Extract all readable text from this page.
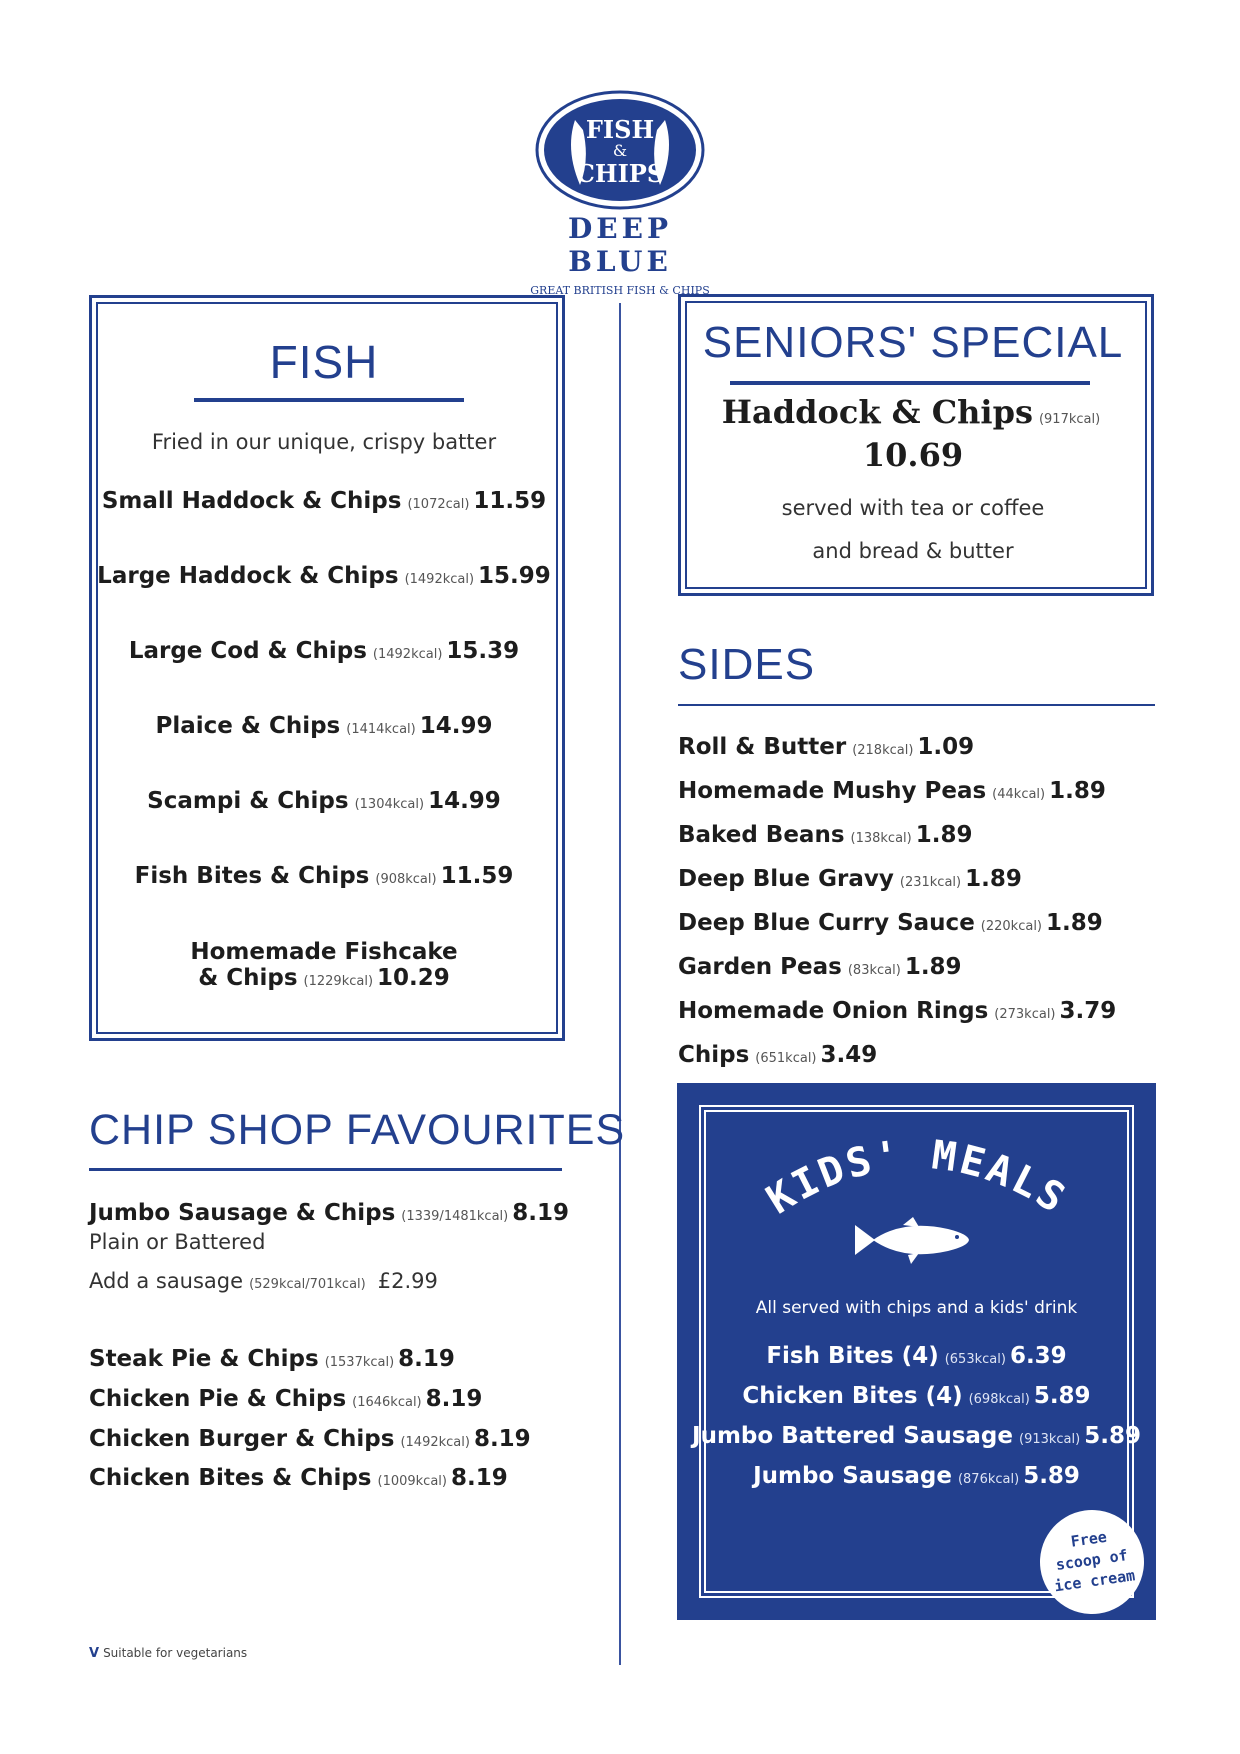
FISH
&
CHIPS
DEEP BLUE
GREAT BRITISH FISH & CHIPS
FISH
Fried in our unique, crispy batter
Small Haddock & Chips (1072cal) 11.59
Large Haddock & Chips (1492kcal) 15.99
Large Cod & Chips (1492kcal) 15.39
Plaice & Chips (1414kcal) 14.99
Scampi & Chips (1304kcal) 14.99
Fish Bites & Chips (908kcal) 11.59
Homemade Fishcake
& Chips (1229kcal) 10.29
SENIORS' SPECIAL
Haddock & Chips (917kcal)
10.69
served with tea or coffee
and bread & butter
SIDES
Roll & Butter (218kcal) 1.09
Homemade Mushy Peas (44kcal) 1.89
Baked Beans (138kcal) 1.89
Deep Blue Gravy (231kcal) 1.89
Deep Blue Curry Sauce (220kcal) 1.89
Garden Peas (83kcal) 1.89
Homemade Onion Rings (273kcal) 3.79
Chips (651kcal) 3.49
CHIP SHOP FAVOURITES
Jumbo Sausage & Chips (1339/1481kcal) 8.19
Plain or Battered
Add a sausage (529kcal/701kcal) £2.99
Steak Pie & Chips (1537kcal) 8.19
Chicken Pie & Chips (1646kcal) 8.19
Chicken Burger & Chips (1492kcal) 8.19
Chicken Bites & Chips (1009kcal) 8.19
KIDS' MEALS
All served with chips and a kids' drink
Fish Bites (4) (653kcal) 6.39
Chicken Bites (4) (698kcal) 5.89
Jumbo Battered Sausage (913kcal) 5.89
Jumbo Sausage (876kcal) 5.89
Free
scoop of
ice cream
V Suitable for vegetarians
